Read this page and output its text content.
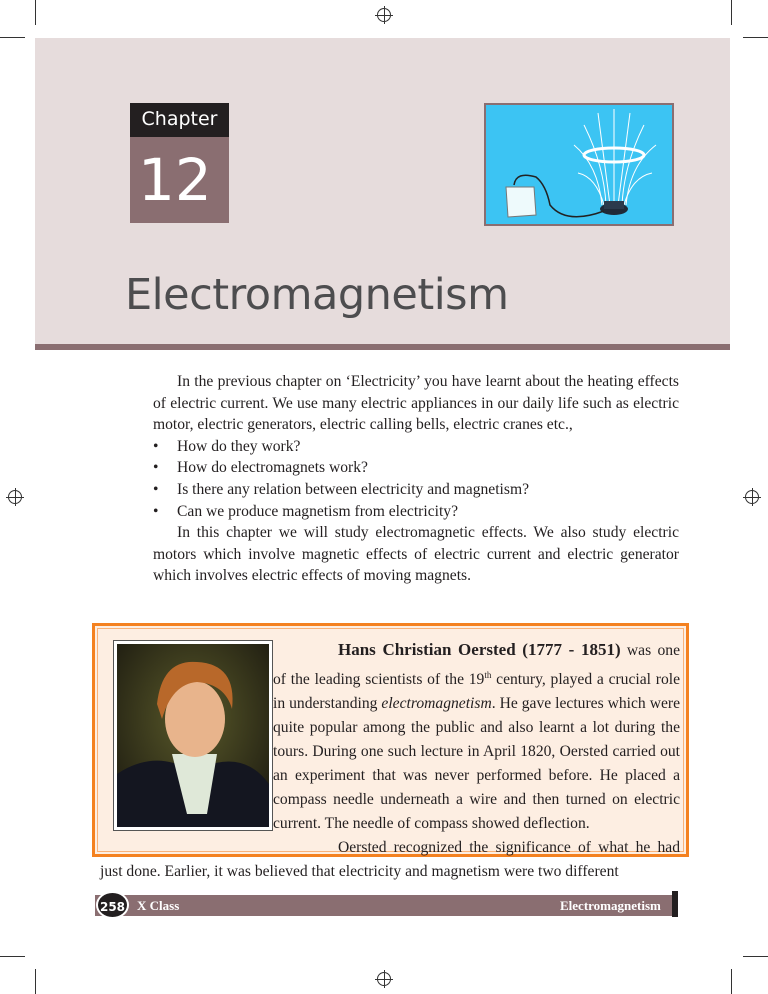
Chapter
12
Electromagnetism

In the previous chapter on ‘Electricity’ you have learnt about the heating effects of electric current. We use many electric appliances in our daily life such as electric motor, electric generators, electric calling bells, electric cranes etc.,

• How do they work?
• How do electromagnets work?
• Is there any relation between electricity and magnetism?
• Can we produce magnetism from electricity?

In this chapter we will study electromagnetic effects. We also study electric motors which involve magnetic effects of electric current and electric generator which involves electric effects of moving magnets.

Hans Christian Oersted (1777 - 1851) was one of the leading scientists of the 19th century, played a crucial role in understanding electromagnetism. He gave lectures which were quite popular among the public and also learnt a lot during the tours. During one such lecture in April 1820, Oersted carried out an experiment that was never performed before. He placed a compass needle underneath a wire and then turned on electric current. The needle of compass showed deflection.

Oersted recognized the significance of what he had just done. Earlier, it was believed that electricity and magnetism were two different

258 X Class	Electromagnetism
